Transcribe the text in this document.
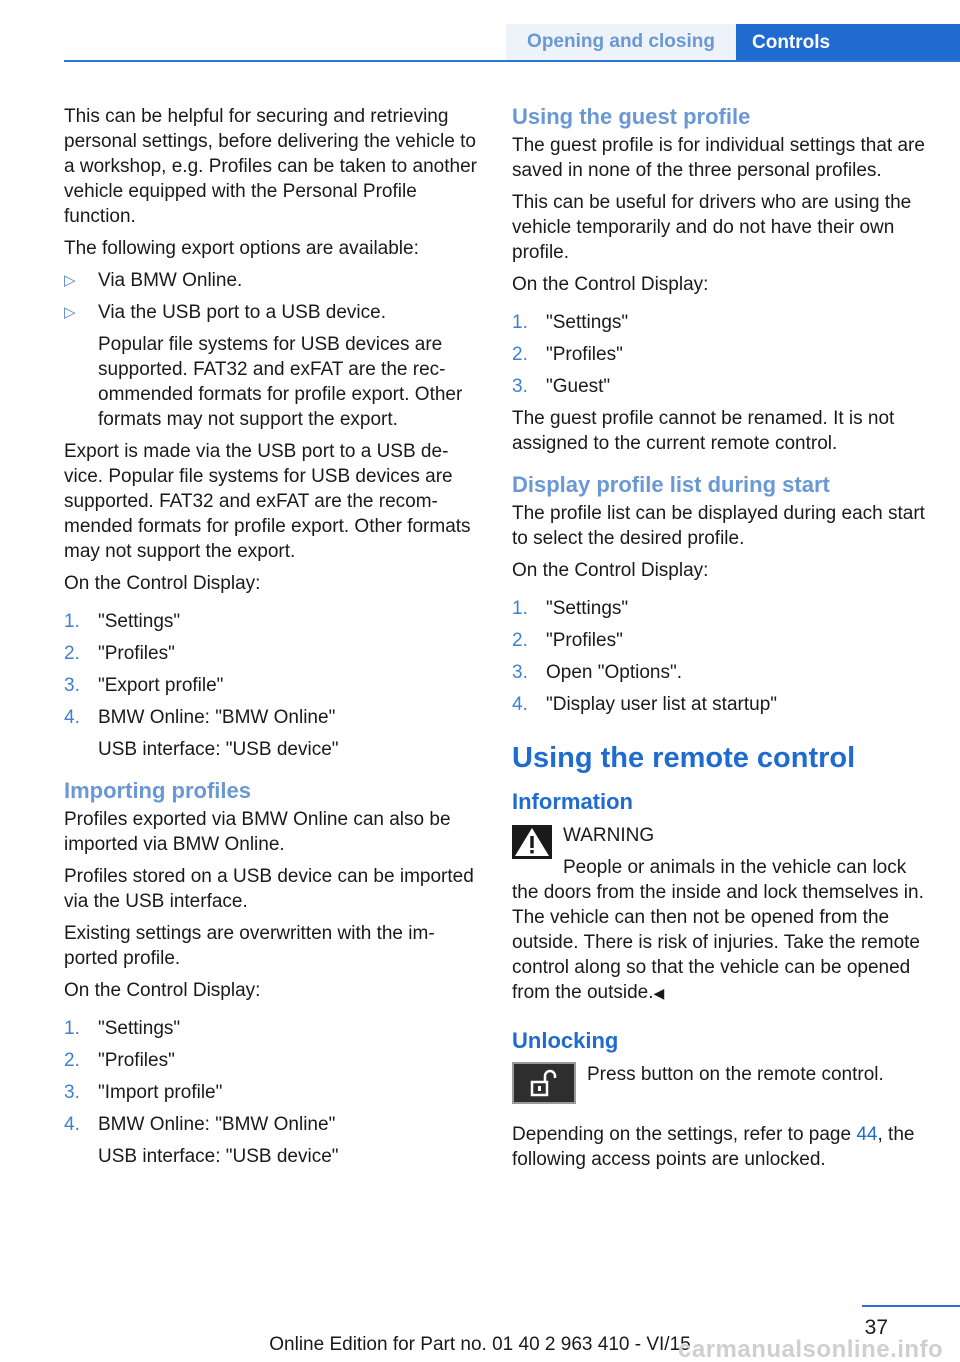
Opening and closing	Controls

This can be helpful for securing and retrieving personal settings, before delivering the vehicle to a workshop, e.g. Profiles can be taken to another vehicle equipped with the Personal Profile function.

The following export options are available:

▷ Via BMW Online.
▷ Via the USB port to a USB device.
Popular file systems for USB devices are supported. FAT32 and exFAT are the recommended formats for profile export. Other formats may not support the export.

Export is made via the USB port to a USB device. Popular file systems for USB devices are supported. FAT32 and exFAT are the recommended formats for profile export. Other formats may not support the export.

On the Control Display:

1. "Settings"
2. "Profiles"
3. "Export profile"
4. BMW Online: "BMW Online"
USB interface: "USB device"
Importing profiles

Profiles exported via BMW Online can also be imported via BMW Online.

Profiles stored on a USB device can be imported via the USB interface.

Existing settings are overwritten with the imported profile.

On the Control Display:

1. "Settings"
2. "Profiles"
3. "Import profile"
4. BMW Online: "BMW Online"
USB interface: "USB device"
Using the guest profile

The guest profile is for individual settings that are saved in none of the three personal profiles.

This can be useful for drivers who are using the vehicle temporarily and do not have their own profile.

On the Control Display:

1. "Settings"
2. "Profiles"
3. "Guest"

The guest profile cannot be renamed. It is not assigned to the current remote control.

Display profile list during start

The profile list can be displayed during each start to select the desired profile.

On the Control Display:

1. "Settings"
2. "Profiles"
3. Open "Options".
4. "Display user list at startup"
Using the remote control
Information
WARNING
People or animals in the vehicle can lock the doors from the inside and lock themselves in. The vehicle can then not be opened from the outside. There is risk of injuries. Take the remote control along so that the vehicle can be opened from the outside.◀
Unlocking
Press button on the remote control.

Depending on the settings, refer to page 44, the following access points are unlocked.

37
Online Edition for Part no. 01 40 2 963 410 - VI/15
carmanualsonline.info
